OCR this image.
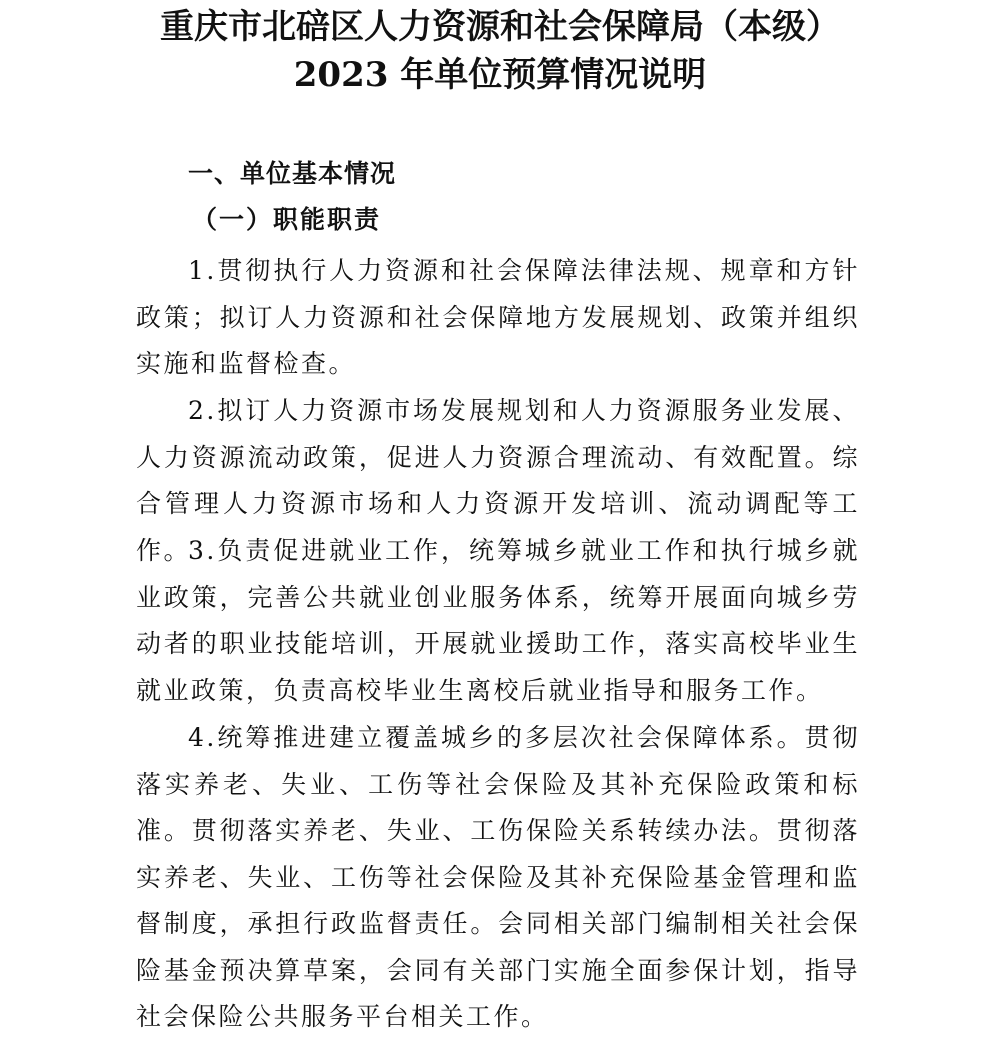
重庆市北碚区人力资源和社会保障局（本级）
2023 年单位预算情况说明
一、单位基本情况
（一）职能职责

1.贯彻执行人力资源和社会保障法律法规、规章和方针政策；拟订人力资源和社会保障地方发展规划、政策并组织实施和监督检查。

2.拟订人力资源市场发展规划和人力资源服务业发展、人力资源流动政策，促进人力资源合理流动、有效配置。综合管理人力资源市场和人力资源开发培训、流动调配等工作。

3.负责促进就业工作，统筹城乡就业工作和执行城乡就业政策，完善公共就业创业服务体系，统筹开展面向城乡劳动者的职业技能培训，开展就业援助工作，落实高校毕业生就业政策，负责高校毕业生离校后就业指导和服务工作。

4.统筹推进建立覆盖城乡的多层次社会保障体系。贯彻落实养老、失业、工伤等社会保险及其补充保险政策和标准。贯彻落实养老、失业、工伤保险关系转续办法。贯彻落实养老、失业、工伤等社会保险及其补充保险基金管理和监督制度，承担行政监督责任。会同相关部门编制相关社会保险基金预决算草案，会同有关部门实施全面参保计划，指导社会保险公共服务平台相关工作。
